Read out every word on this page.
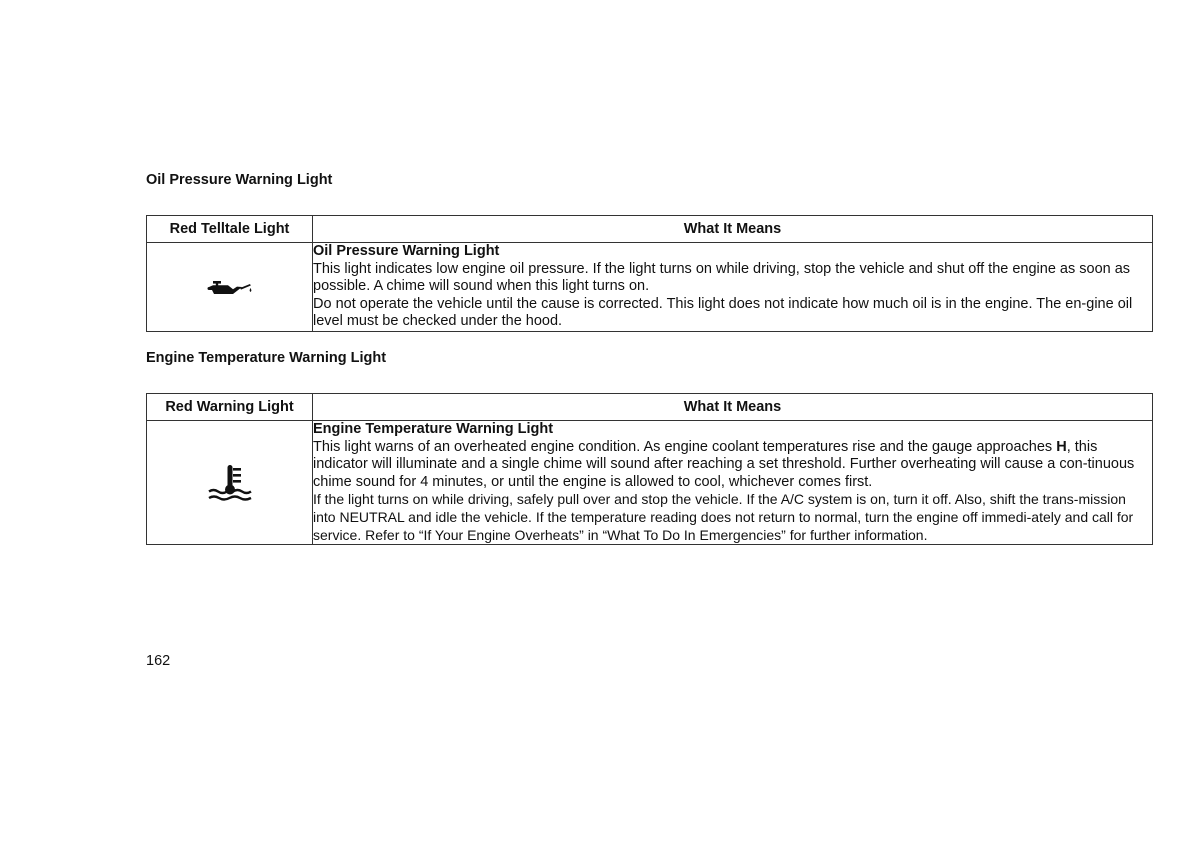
Oil Pressure Warning Light
Red Telltale Light	What It Means

Oil Pressure Warning Light
This light indicates low engine oil pressure. If the light turns on while driving, stop the vehicle and shut off the engine as soon as possible. A chime will sound when this light turns on.
Do not operate the vehicle until the cause is corrected. This light does not indicate how much oil is in the engine. The en-gine oil level must be checked under the hood.
Engine Temperature Warning Light
Red Warning Light	What It Means

Engine Temperature Warning Light
This light warns of an overheated engine condition. As engine coolant temperatures rise and the gauge approaches H, this indicator will illuminate and a single chime will sound after reaching a set threshold. Further overheating will cause a con-tinuous chime sound for 4 minutes, or until the engine is allowed to cool, whichever comes first.
If the light turns on while driving, safely pull over and stop the vehicle. If the A/C system is on, turn it off. Also, shift the trans-mission into NEUTRAL and idle the vehicle. If the temperature reading does not return to normal, turn the engine off immedi-ately and call for service. Refer to “If Your Engine Overheats” in “What To Do In Emergencies” for further information.
162
